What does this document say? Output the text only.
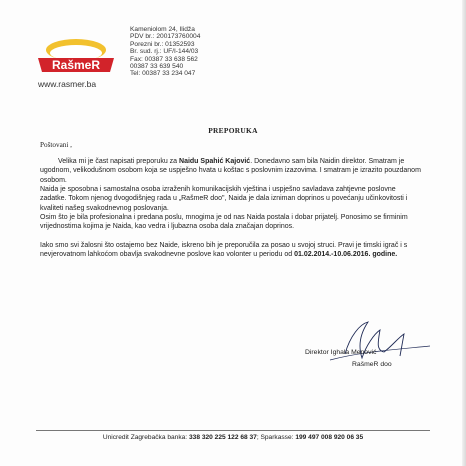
RašmeR
www.rasmer.ba
Kameniolom 24, Ilidža
PDV br.: 200173760004
Porezni br.: 01352593
Br. sud. rj.: UF/I-144/03
Fax: 00387 33 638 562
00387 33 639 540
Tel: 00387 33 234 047
PREPORUKA
Poštovani ,
Velika mi je čast napisati preporuku za Naidu Spahić Kajović. Donedavno sam bila Naidin direktor. Smatram je ugodnom, velikodušnom osobom koja se uspješno hvata u koštac s poslovnim izazovima. I smatram je izrazito pouzdanom osobom.
Naida je sposobna i samostalna osoba izraženih komunikacijskih vještina i uspješno savladava zahtjevne poslovne zadatke. Tokom njenog dvogodišnjeg rada u „RašmeR doo", Naida je dala izniman doprinos u povećanju učinkovitosti i kvaliteti našeg svakodnevnog poslovanja.
Osim što je bila profesionalna i predana poslu, mnogima je od nas Naida postala i dobar prijatelj. Ponosimo se firminim vrijednostima kojima je Naida, kao vedra i ljubazna osoba dala značajan doprinos.
Iako smo svi žalosni što ostajemo bez Naide, iskreno bih je preporučila za posao u svojoj struci. Pravi je timski igrač i s nevjerovatnom lahkoćom obavlja svakodnevne poslove kao volonter u periodu od 01.02.2014.-10.06.2016. godine.
Direktor Ighala Menović
RašmeR doo
Unicredit Zagrebačka banka: 338 320 225 122 68 37; Sparkasse: 199 497 008 920 06 35
